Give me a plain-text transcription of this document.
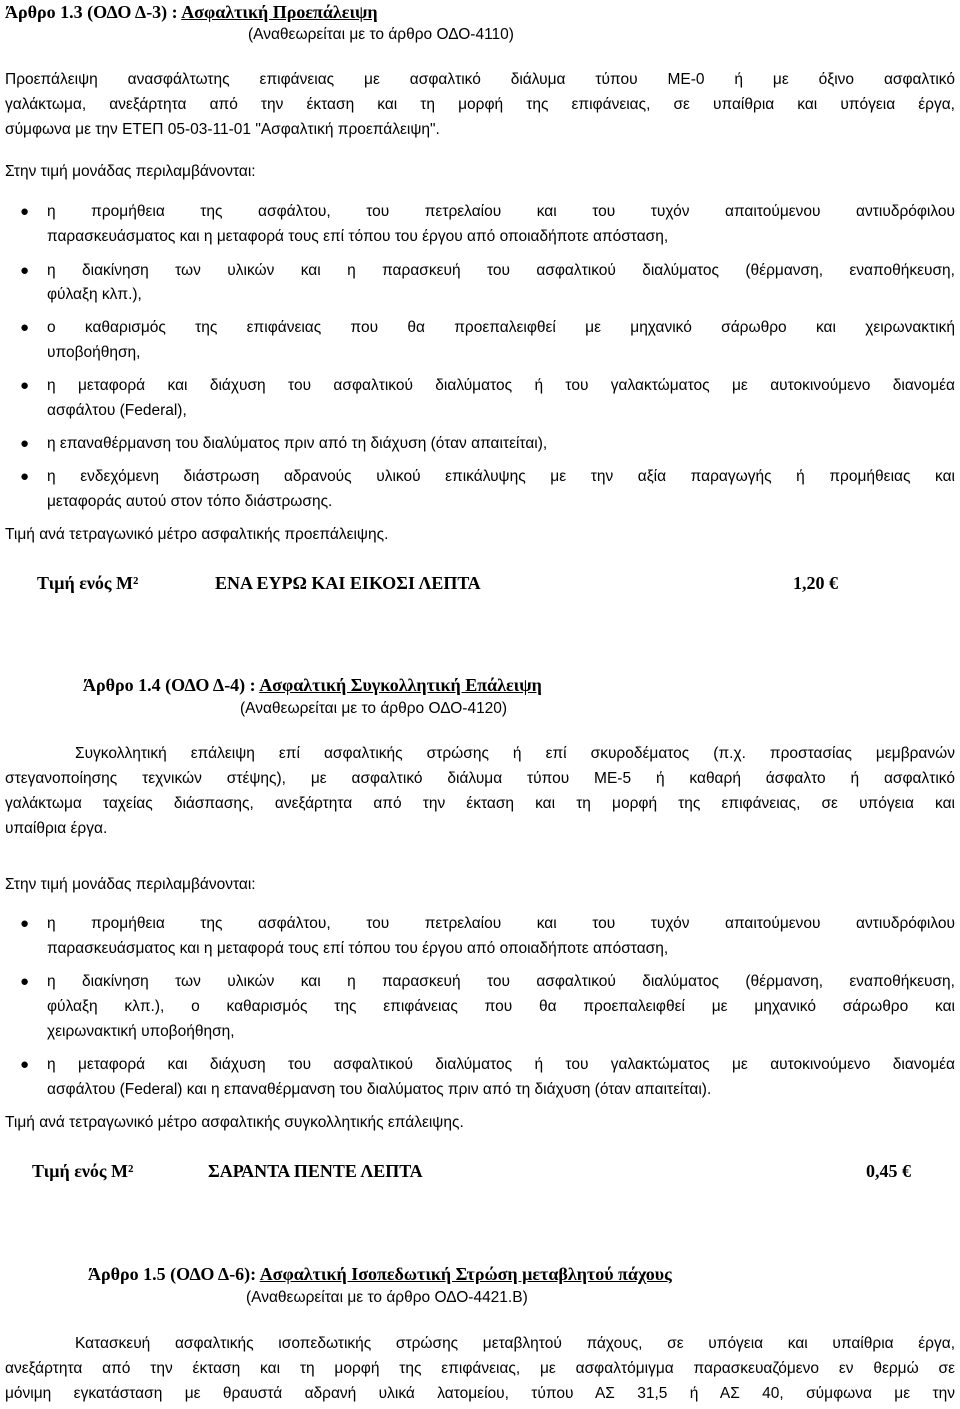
Άρθρο 1.3 (ΟΔΟ Δ-3) : Ασφαλτική Προεπάλειψη
(Αναθεωρείται με το άρθρο ΟΔΟ-4110)
Προεπάλειψη ανασφάλτωτης επιφάνειας με ασφαλτικό διάλυμα τύπου ΜΕ-0 ή με όξινο ασφαλτικό
γαλάκτωμα, ανεξάρτητα από την έκταση και τη μορφή της επιφάνειας, σε υπαίθρια και υπόγεια έργα,
σύμφωνα με την ΕΤΕΠ 05-03-11-01 "Ασφαλτική προεπάλειψη".
Στην τιμή μονάδας περιλαμβάνονται:
● η προμήθεια της ασφάλτου, του πετρελαίου και του τυχόν απαιτούμενου αντιυδρόφιλου
παρασκευάσματος και η μεταφορά τους επί τόπου του έργου από οποιαδήποτε απόσταση,
● η διακίνηση των υλικών και η παρασκευή του ασφαλτικού διαλύματος (θέρμανση, εναποθήκευση,
φύλαξη κλπ.),
● ο καθαρισμός της επιφάνειας που θα προεπαλειφθεί με μηχανικό σάρωθρο και χειρωνακτική
υποβοήθηση,
● η μεταφορά και διάχυση του ασφαλτικού διαλύματος ή του γαλακτώματος με αυτοκινούμενο διανομέα
ασφάλτου (Federal),
● η επαναθέρμανση του διαλύματος πριν από τη διάχυση (όταν απαιτείται),
● η ενδεχόμενη διάστρωση αδρανούς υλικού επικάλυψης με την αξία παραγωγής ή προμήθειας και
μεταφοράς αυτού στον τόπο διάστρωσης.
Τιμή ανά τετραγωνικό μέτρο ασφαλτικής προεπάλειψης.
Τιμή ενός Μ²	ΕΝΑ ΕΥΡΩ ΚΑΙ ΕΙΚΟΣΙ ΛΕΠΤΑ	1,20 €
Άρθρο 1.4 (ΟΔΟ Δ-4) : Ασφαλτική Συγκολλητική Επάλειψη
(Αναθεωρείται με το άρθρο ΟΔΟ-4120)
Συγκολλητική επάλειψη επί ασφαλτικής στρώσης ή επί σκυροδέματος (π.χ. προστασίας μεμβρανών
στεγανοποίησης τεχνικών στέψης), με ασφαλτικό διάλυμα τύπου ΜΕ-5 ή καθαρή άσφαλτο ή ασφαλτικό
γαλάκτωμα ταχείας διάσπασης, ανεξάρτητα από την έκταση και τη μορφή της επιφάνειας, σε υπόγεια και
υπαίθρια έργα.
Στην τιμή μονάδας περιλαμβάνονται:
● η προμήθεια της ασφάλτου, του πετρελαίου και του τυχόν απαιτούμενου αντιυδρόφιλου
παρασκευάσματος και η μεταφορά τους επί τόπου του έργου από οποιαδήποτε απόσταση,
● η διακίνηση των υλικών και η παρασκευή του ασφαλτικού διαλύματος (θέρμανση, εναποθήκευση,
φύλαξη κλπ.), ο καθαρισμός της επιφάνειας που θα προεπαλειφθεί με μηχανικό σάρωθρο και
χειρωνακτική υποβοήθηση,
● η μεταφορά και διάχυση του ασφαλτικού διαλύματος ή του γαλακτώματος με αυτοκινούμενο διανομέα
ασφάλτου (Federal) και η επαναθέρμανση του διαλύματος πριν από τη διάχυση (όταν απαιτείται).
Τιμή ανά τετραγωνικό μέτρο ασφαλτικής συγκολλητικής επάλειψης.
Τιμή ενός Μ²	ΣΑΡΑΝΤΑ ΠΕΝΤΕ ΛΕΠΤΑ	0,45 €
Άρθρο 1.5 (ΟΔΟ Δ-6): Ασφαλτική Ισοπεδωτική Στρώση μεταβλητού πάχους
(Αναθεωρείται με το άρθρο ΟΔΟ-4421.Β)
Κατασκευή ασφαλτικής ισοπεδωτικής στρώσης μεταβλητού πάχους, σε υπόγεια και υπαίθρια έργα,
ανεξάρτητα από την έκταση και τη μορφή της επιφάνειας, με ασφαλτόμιγμα παρασκευαζόμενο εν θερμώ σε
μόνιμη εγκατάσταση με θραυστά αδρανή υλικά λατομείου, τύπου ΑΣ 31,5 ή ΑΣ 40, σύμφωνα με την
